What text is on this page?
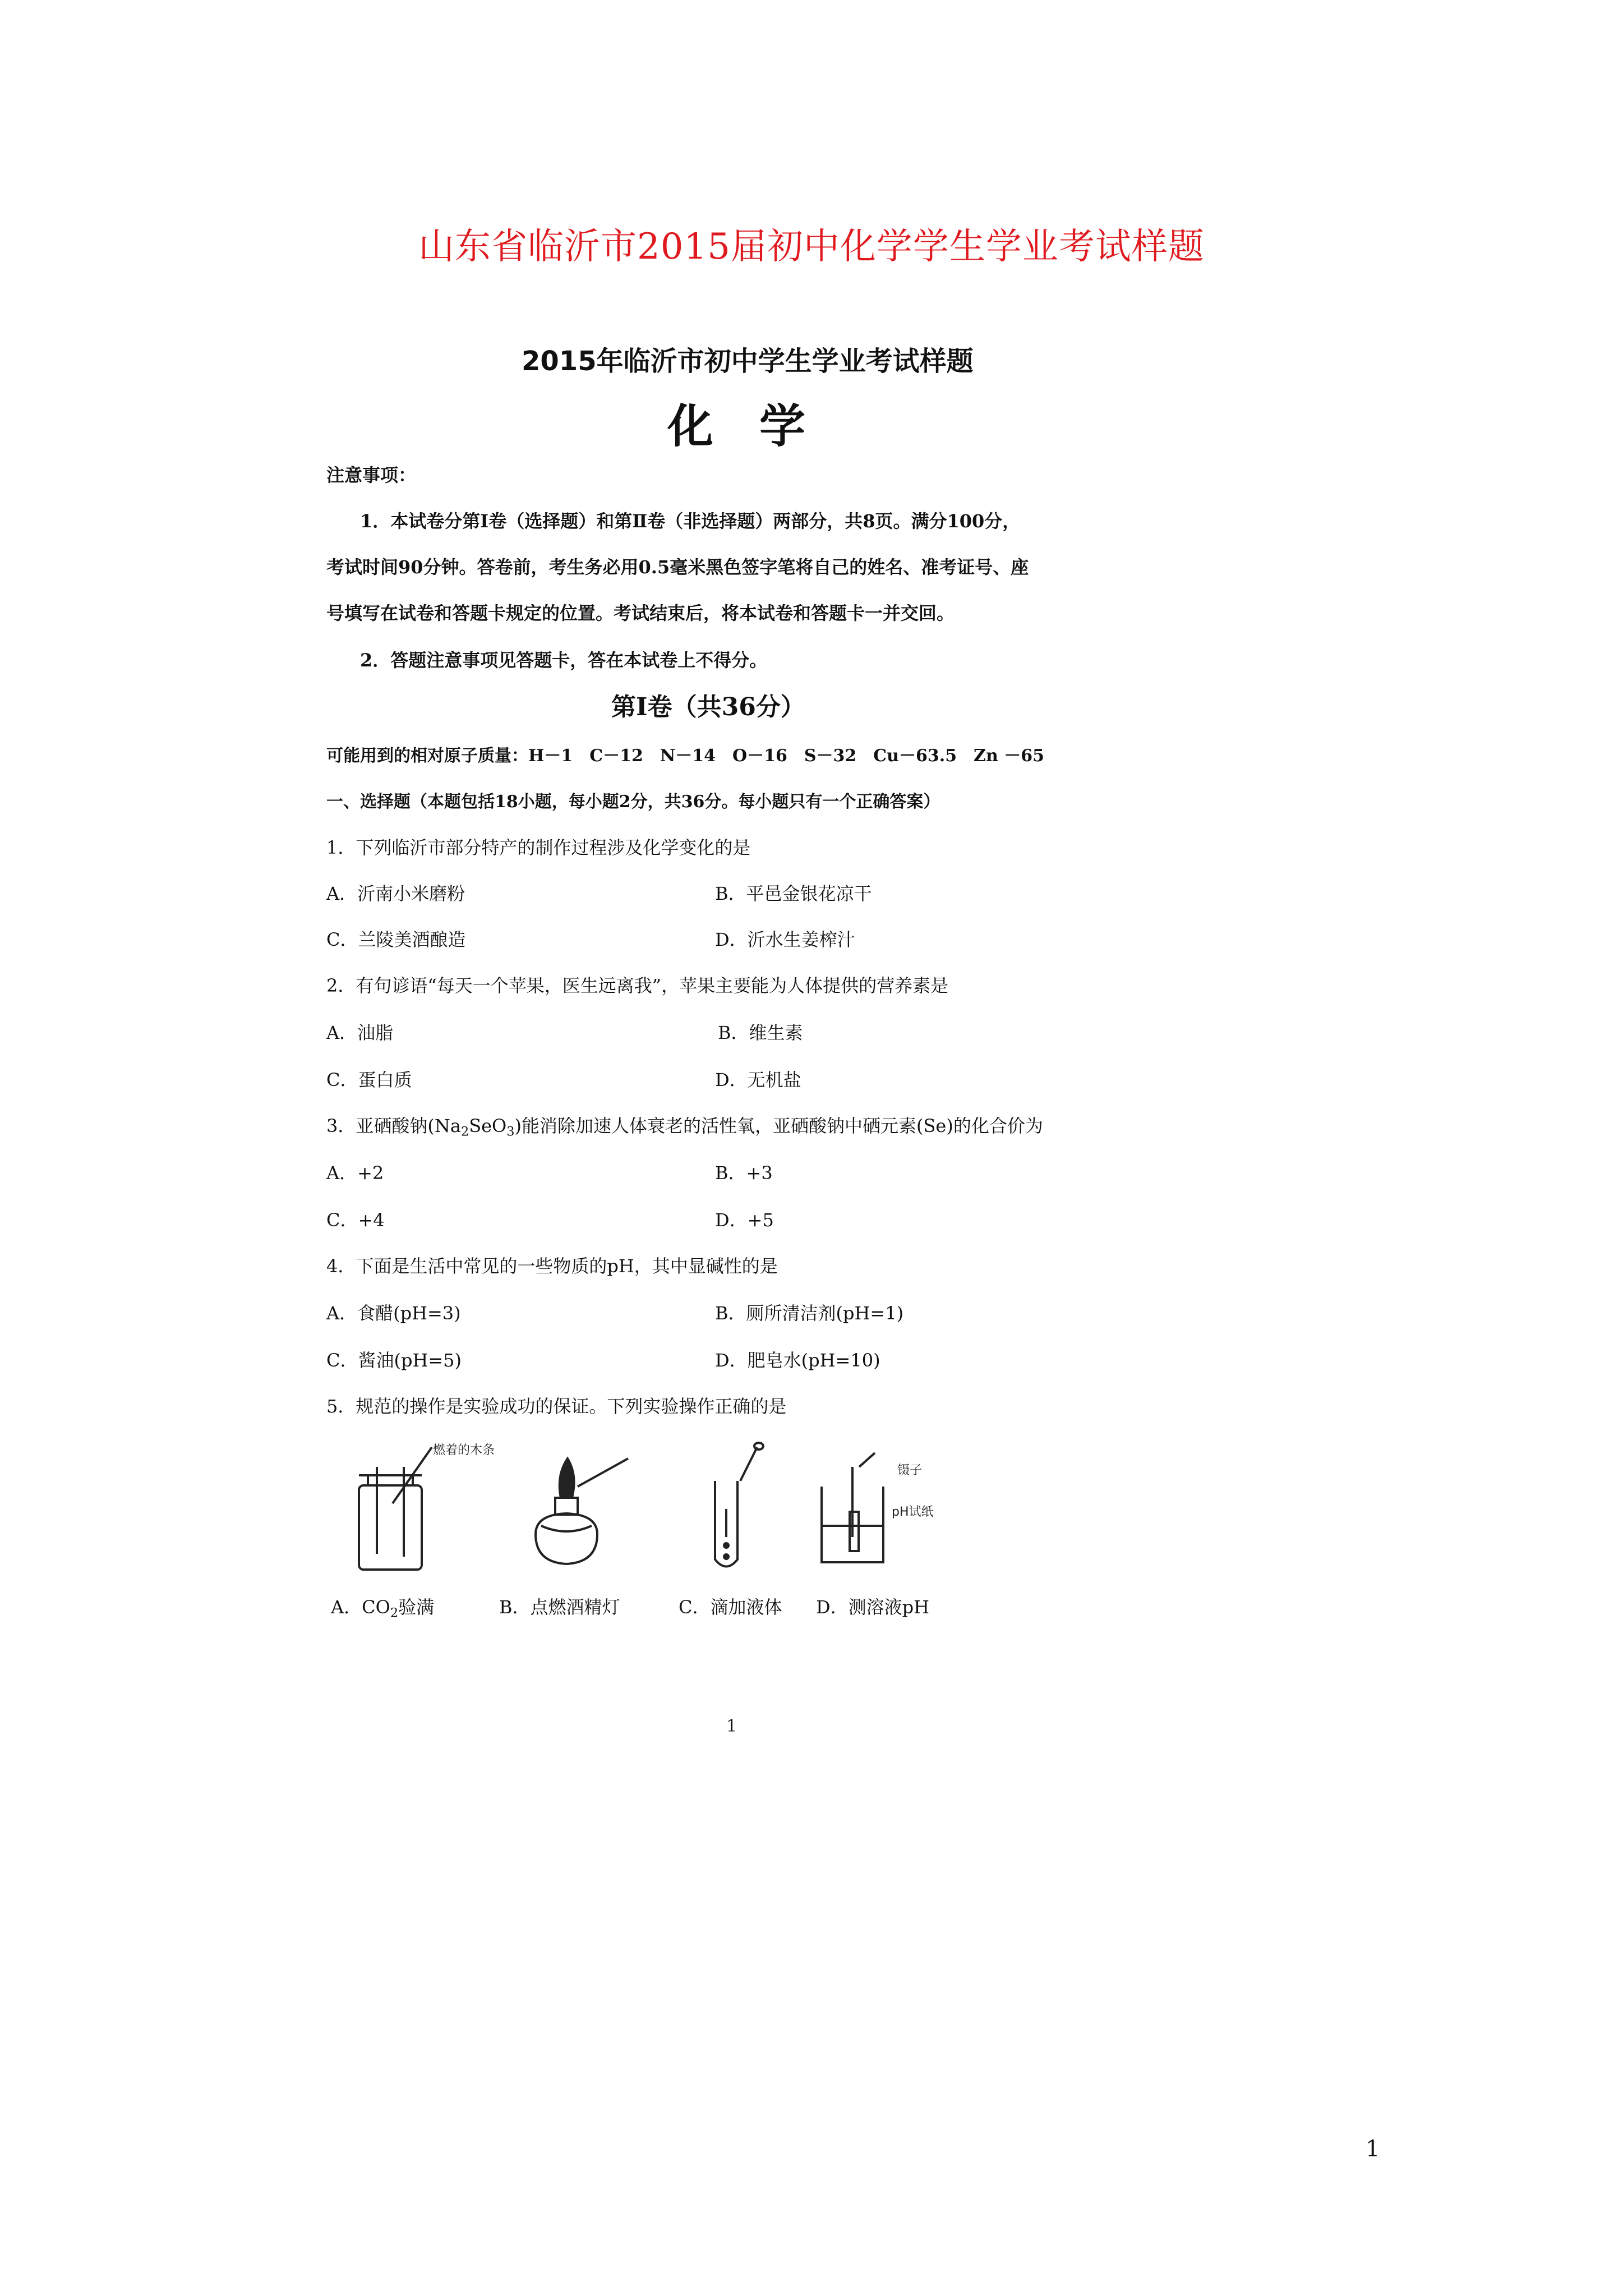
山东省临沂市2015届初中化学学生学业考试样题
2015年临沂市初中学生学业考试样题
化　学
注意事项：
1．本试卷分第Ⅰ卷（选择题）和第Ⅱ卷（非选择题）两部分，共8页。满分100分，
考试时间90分钟。答卷前，考生务必用0.5毫米黑色签字笔将自己的姓名、准考证号、座
号填写在试卷和答题卡规定的位置。考试结束后，将本试卷和答题卡一并交回。
2．答题注意事项见答题卡，答在本试卷上不得分。
第Ⅰ卷（共36分）
可能用到的相对原子质量：H－1　C－12　N－14　O－16　S－32　Cu－63.5　Zn －65
一、选择题（本题包括18小题，每小题2分，共36分。每小题只有一个正确答案）
1．下列临沂市部分特产的制作过程涉及化学变化的是
A．沂南小米磨粉	B．平邑金银花凉干
C．兰陵美酒酿造	D．沂水生姜榨汁
2．有句谚语“每天一个苹果，医生远离我”，苹果主要能为人体提供的营养素是
A．油脂	B．维生素
C．蛋白质	D．无机盐
3．亚硒酸钠$(Na_2SeO_3)$能消除加速人体衰老的活性氧，亚硒酸钠中硒元素(Se)的化合价为
A．+2	B．+3
C．+4	D．+5
4．下面是生活中常见的一些物质的pH，其中显碱性的是
A．食醋(pH=3)	B．厕所清洁剂(pH=1)
C．酱油(pH=5)	D．肥皂水(pH=10)
5．规范的操作是实验成功的保证。下列实验操作正确的是
燃着的木条
镊子
pH试纸
A．$CO_2$验满	B．点燃酒精灯	C．滴加液体 D．测溶液pH
1
1
